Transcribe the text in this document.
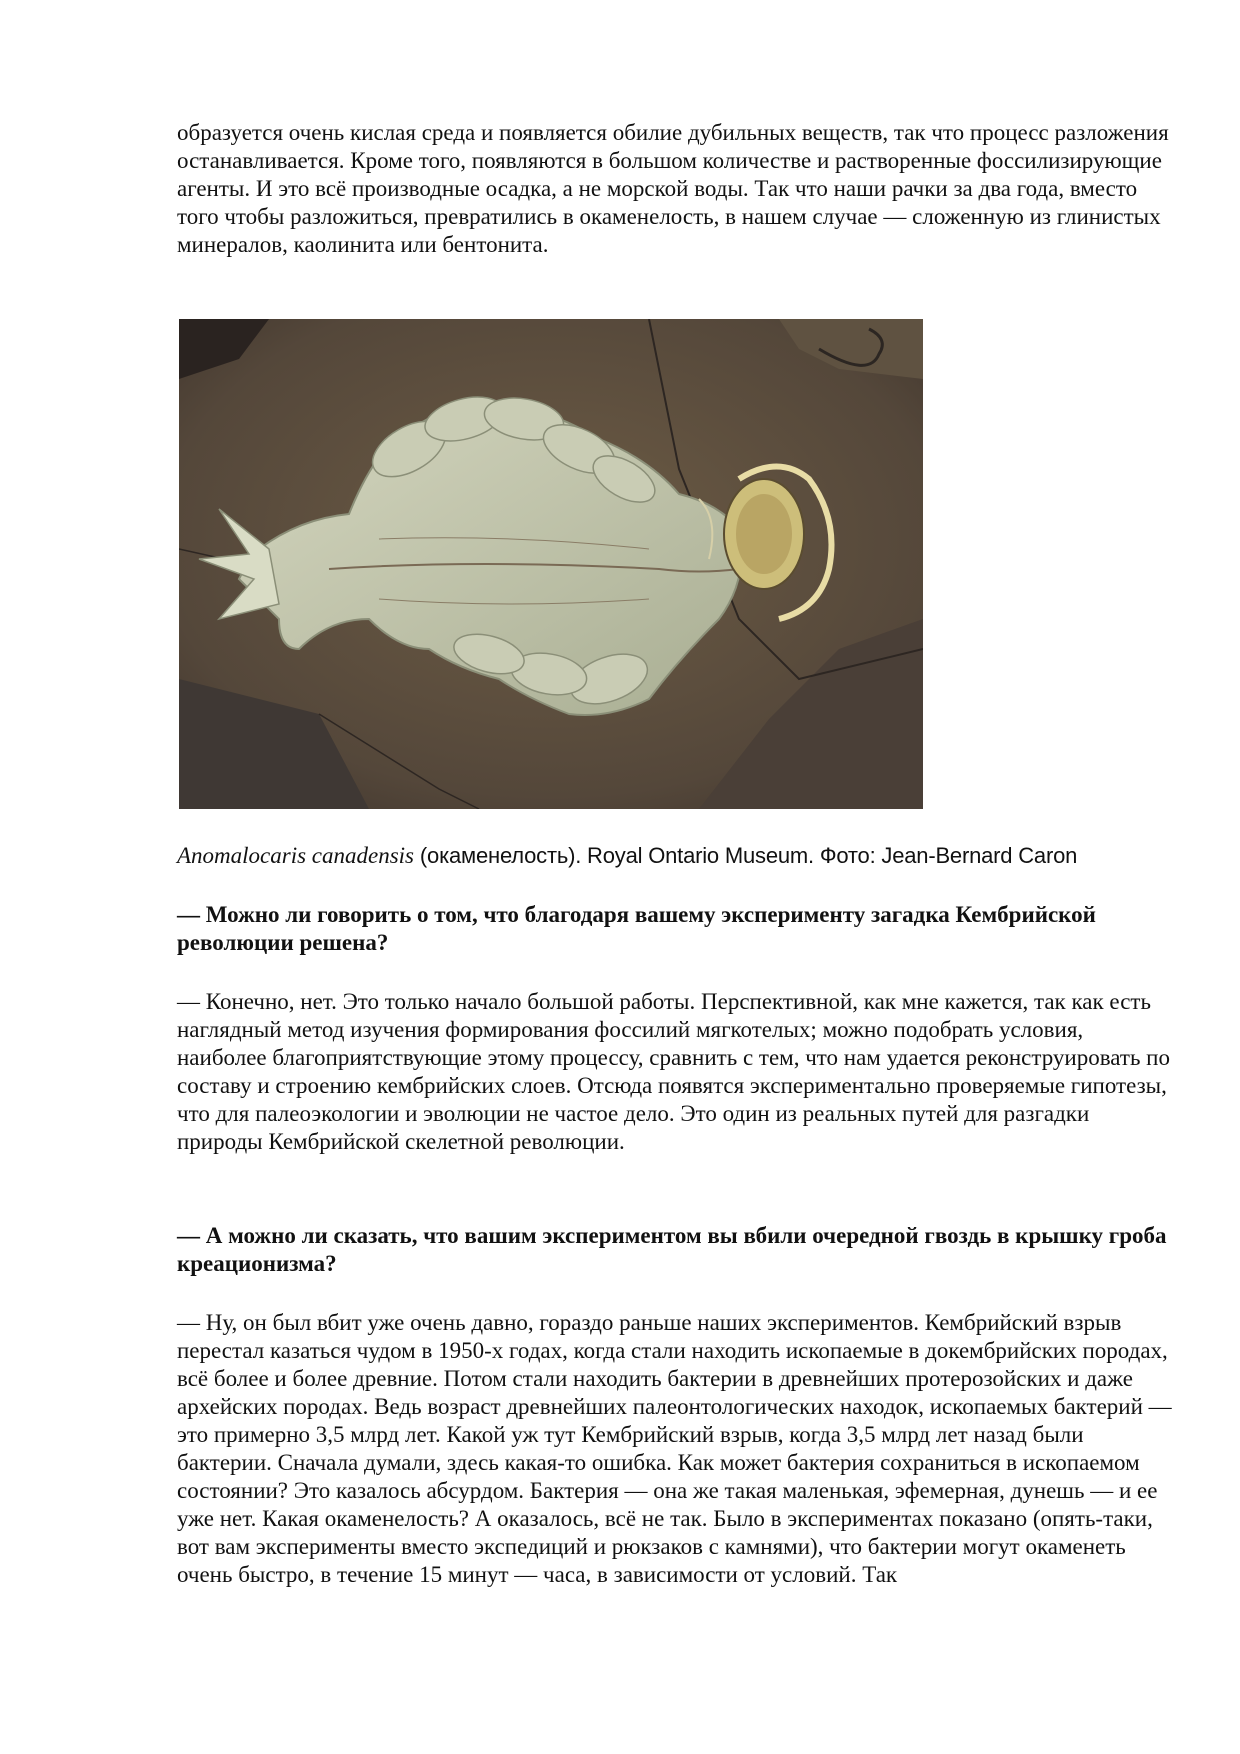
образуется очень кислая среда и появляется обилие дубильных веществ, так что процесс разложения останавливается. Кроме того, появляются в большом количестве и растворенные фоссилизирующие агенты. И это всё производные осадка, а не морской воды. Так что наши рачки за два года, вместо того чтобы разложиться, превратились в окаменелость, в нашем случае — сложенную из глинистых минералов, каолинита или бентонита.

Anomalocaris canadensis (окаменелость). Royal Ontario Museum. Фото: Jean-Bernard Caron

— Можно ли говорить о том, что благодаря вашему эксперименту загадка Кембрийской революции решена?

— Конечно, нет. Это только начало большой работы. Перспективной, как мне кажется, так как есть наглядный метод изучения формирования фоссилий мягкотелых; можно подобрать условия, наиболее благоприятствующие этому процессу, сравнить с тем, что нам удается реконструировать по составу и строению кембрийских слоев. Отсюда появятся экспериментально проверяемые гипотезы, что для палеоэкологии и эволюции не частое дело. Это один из реальных путей для разгадки природы Кембрийской скелетной революции.

— А можно ли сказать, что вашим экспериментом вы вбили очередной гвоздь в крышку гроба креационизма?

— Ну, он был вбит уже очень давно, гораздо раньше наших экспериментов. Кембрийский взрыв перестал казаться чудом в 1950-х годах, когда стали находить ископаемые в докембрийских породах, всё более и более древние. Потом стали находить бактерии в древнейших протерозойских и даже архейских породах. Ведь возраст древнейших палеонтологических находок, ископаемых бактерий — это примерно 3,5 млрд лет. Какой уж тут Кембрийский взрыв, когда 3,5 млрд лет назад были бактерии. Сначала думали, здесь какая-то ошибка. Как может бактерия сохраниться в ископаемом состоянии? Это казалось абсурдом. Бактерия — она же такая маленькая, эфемерная, дунешь — и ее уже нет. Какая окаменелость? А оказалось, всё не так. Было в экспериментах показано (опять-таки, вот вам эксперименты вместо экспедиций и рюкзаков с камнями), что бактерии могут окаменеть очень быстро, в течение 15 минут — часа, в зависимости от условий. Так
